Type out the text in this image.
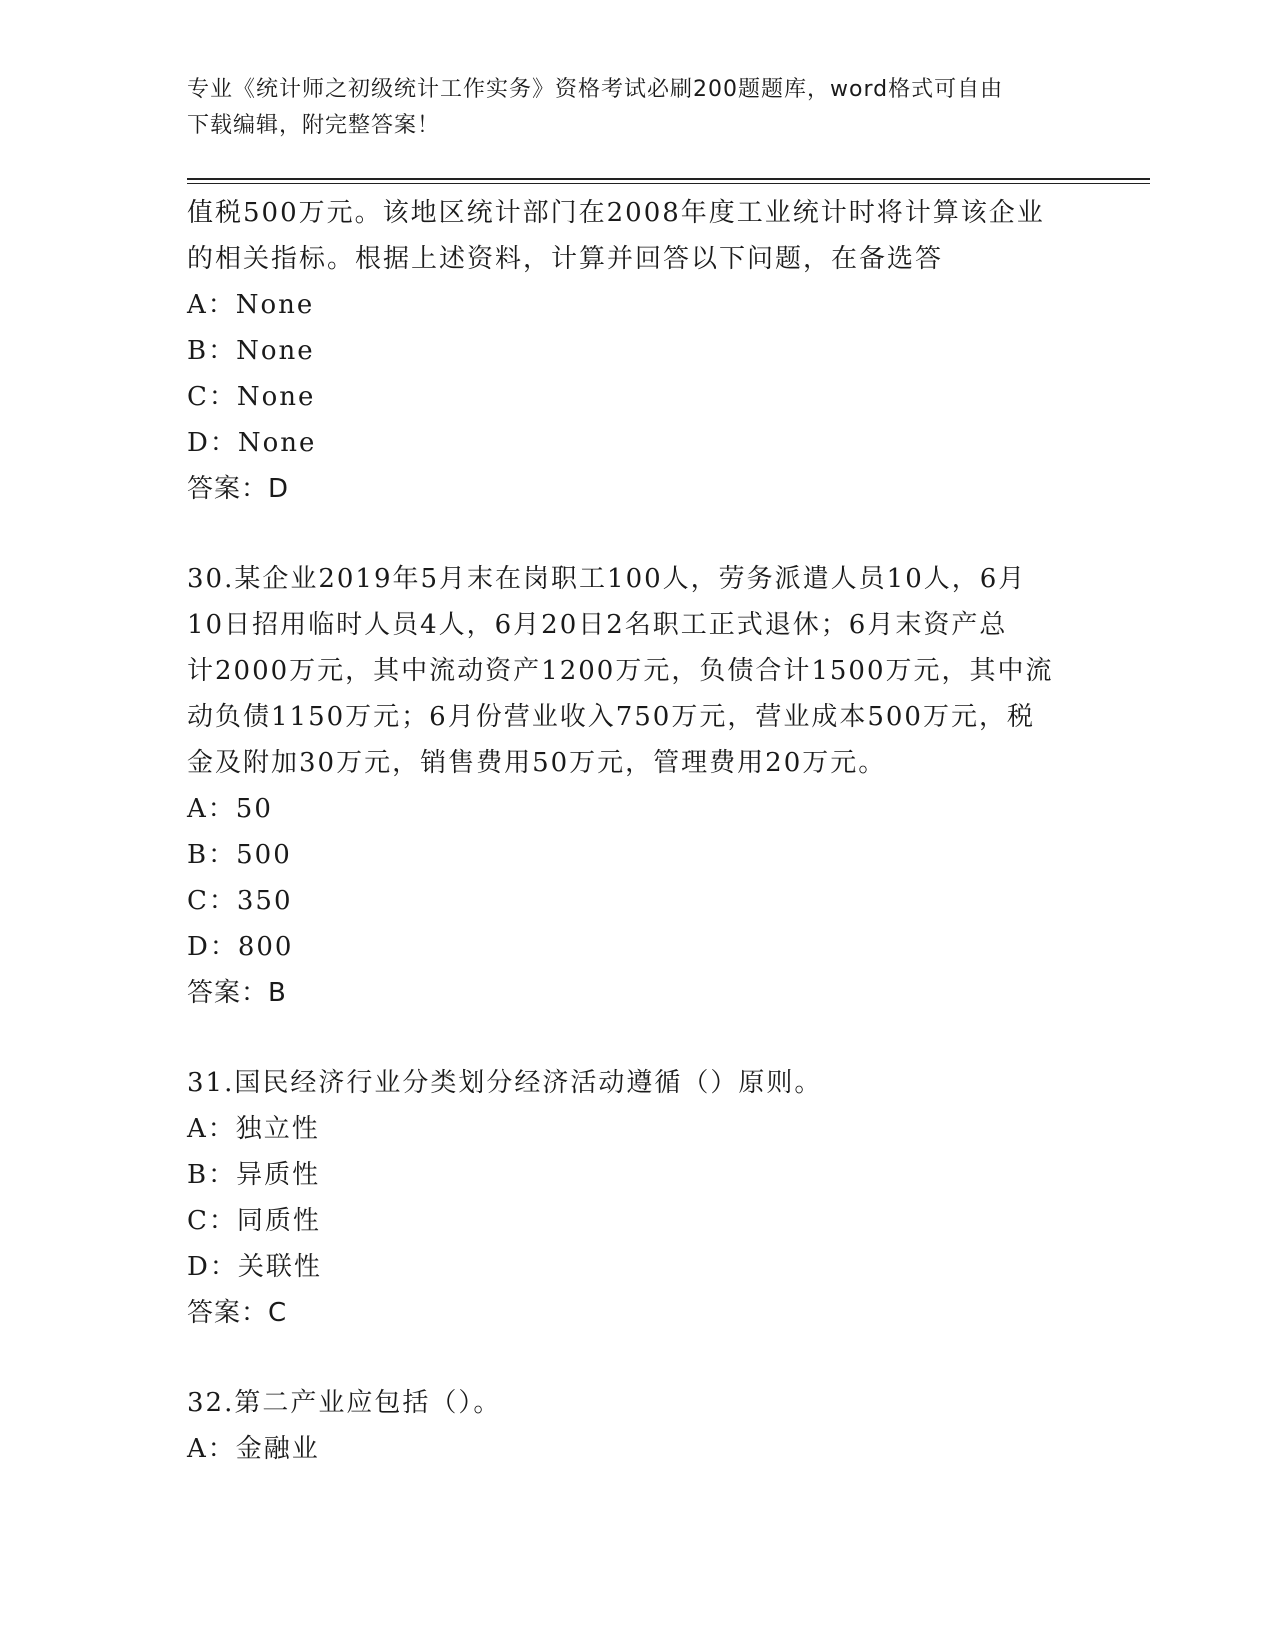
专业《统计师之初级统计工作实务》资格考试必刷200题题库，word格式可自由
下载编辑，附完整答案！
值税500万元。该地区统计部门在2008年度工业统计时将计算该企业
的相关指标。根据上述资料，计算并回答以下问题，在备选答
A：None
B：None
C：None
D：None
答案：D
30.某企业2019年5月末在岗职工100人，劳务派遣人员10人，6月
10日招用临时人员4人，6月20日2名职工正式退休；6月末资产总
计2000万元，其中流动资产1200万元，负债合计1500万元，其中流
动负债1150万元；6月份营业收入750万元，营业成本500万元，税
金及附加30万元，销售费用50万元，管理费用20万元。
A：50
B：500
C：350
D：800
答案：B
31.国民经济行业分类划分经济活动遵循（）原则。
A：独立性
B：异质性
C：同质性
D：关联性
答案：C
32.第二产业应包括（）。
A：金融业
